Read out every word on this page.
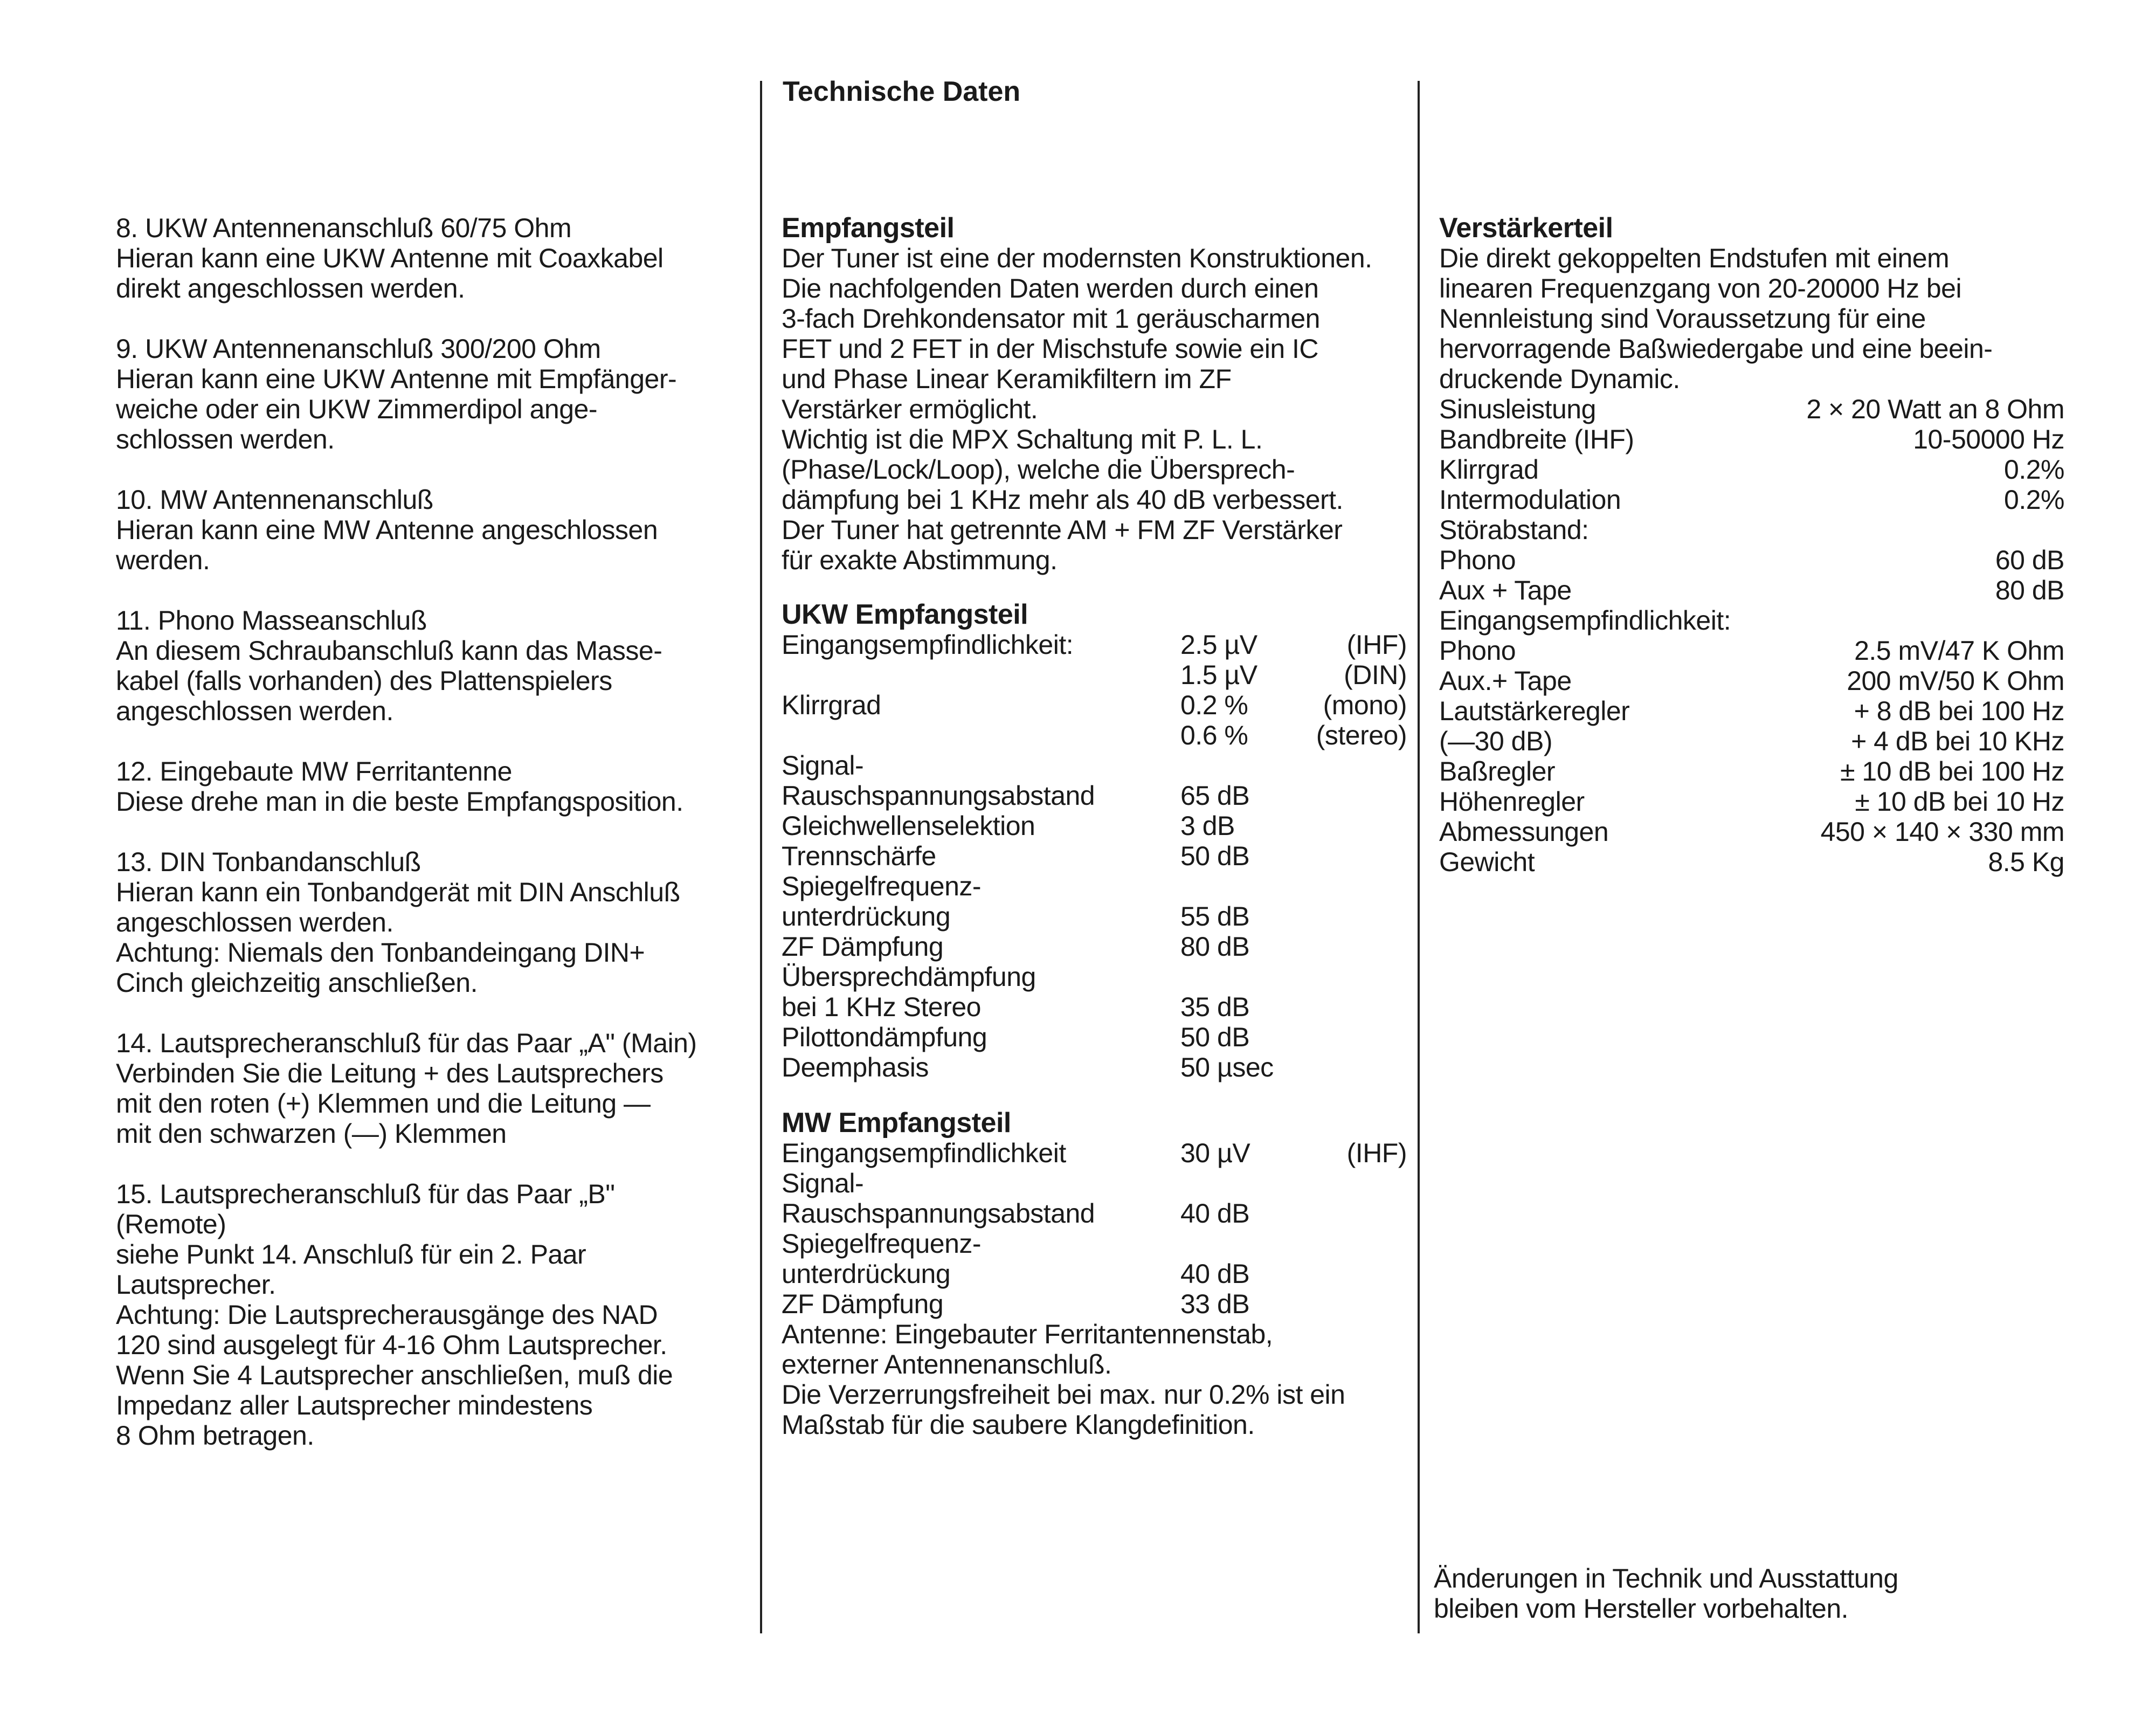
8. UKW Antennenanschluß 60/75 Ohm
Hieran kann eine UKW Antenne mit Coaxkabel
direkt angeschlossen werden.
9. UKW Antennenanschluß 300/200 Ohm
Hieran kann eine UKW Antenne mit Empfänger-
weiche oder ein UKW Zimmerdipol ange-
schlossen werden.
10. MW Antennenanschluß
Hieran kann eine MW Antenne angeschlossen
werden.
11. Phono Masseanschluß
An diesem Schraubanschluß kann das Masse-
kabel (falls vorhanden) des Plattenspielers
angeschlossen werden.
12. Eingebaute MW Ferritantenne
Diese drehe man in die beste Empfangsposition.
13. DIN Tonbandanschluß
Hieran kann ein Tonbandgerät mit DIN Anschluß
angeschlossen werden.
Achtung: Niemals den Tonbandeingang DIN+
Cinch gleichzeitig anschließen.
14. Lautsprecheranschluß für das Paar „A" (Main)
Verbinden Sie die Leitung + des Lautsprechers
mit den roten (+) Klemmen und die Leitung —
mit den schwarzen (—) Klemmen
15. Lautsprecheranschluß für das Paar „B"
(Remote)
siehe Punkt 14. Anschluß für ein 2. Paar
Lautsprecher.
Achtung: Die Lautsprecherausgänge des NAD
120 sind ausgelegt für 4-16 Ohm Lautsprecher.
Wenn Sie 4 Lautsprecher anschließen, muß die
Impedanz aller Lautsprecher mindestens
8 Ohm betragen.
Technische Daten
Empfangsteil
Der Tuner ist eine der modernsten Konstruktionen.
Die nachfolgenden Daten werden durch einen
3-fach Drehkondensator mit 1 geräuscharmen
FET und 2 FET in der Mischstufe sowie ein IC
und Phase Linear Keramikfiltern im ZF
Verstärker ermöglicht.
Wichtig ist die MPX Schaltung mit P. L. L.
(Phase/Lock/Loop), welche die Übersprech-
dämpfung bei 1 KHz mehr als 40 dB verbessert.
Der Tuner hat getrennte AM + FM ZF Verstärker
für exakte Abstimmung.
UKW Empfangsteil
Eingangsempfindlichkeit:	2.5 µV	(IHF)
	1.5 µV	(DIN)
Klirrgrad	0.2 %	(mono)
	0.6 %	(stereo)
Signal-		
Rauschspannungsabstand	65 dB	
Gleichwellenselektion	3 dB	
Trennschärfe	50 dB	
Spiegelfrequenz-		
unterdrückung	55 dB	
ZF Dämpfung	80 dB	
Übersprechdämpfung		
bei 1 KHz Stereo	35 dB	
Pilottondämpfung	50 dB	
Deemphasis	50 µsec	
MW Empfangsteil
Eingangsempfindlichkeit	30 µV	(IHF)
Signal-		
Rauschspannungsabstand	40 dB	
Spiegelfrequenz-		
unterdrückung	40 dB	
ZF Dämpfung	33 dB	
Antenne: Eingebauter Ferritantennenstab,
externer Antennenanschluß.
Die Verzerrungsfreiheit bei max. nur 0.2% ist ein
Maßstab für die saubere Klangdefinition.
Verstärkerteil
Die direkt gekoppelten Endstufen mit einem
linearen Frequenzgang von 20-20000 Hz bei
Nennleistung sind Voraussetzung für eine
hervorragende Baßwiedergabe und eine beein-
druckende Dynamic.
Sinusleistung	2 × 20 Watt an 8 Ohm
Bandbreite (IHF)	10-50000 Hz
Klirrgrad	0.2%
Intermodulation	0.2%
Störabstand:	
Phono	60 dB
Aux + Tape	80 dB
Eingangsempfindlichkeit:	
Phono	2.5 mV/47 K Ohm
Aux.+ Tape	200 mV/50 K Ohm
Lautstärkeregler	+ 8 dB bei 100 Hz
(—30 dB)	+ 4 dB bei 10 KHz
Baßregler	± 10 dB bei 100 Hz
Höhenregler	± 10 dB bei 10 Hz
Abmessungen	450 × 140 × 330 mm
Gewicht	8.5 Kg
Änderungen in Technik und Ausstattung
bleiben vom Hersteller vorbehalten.
